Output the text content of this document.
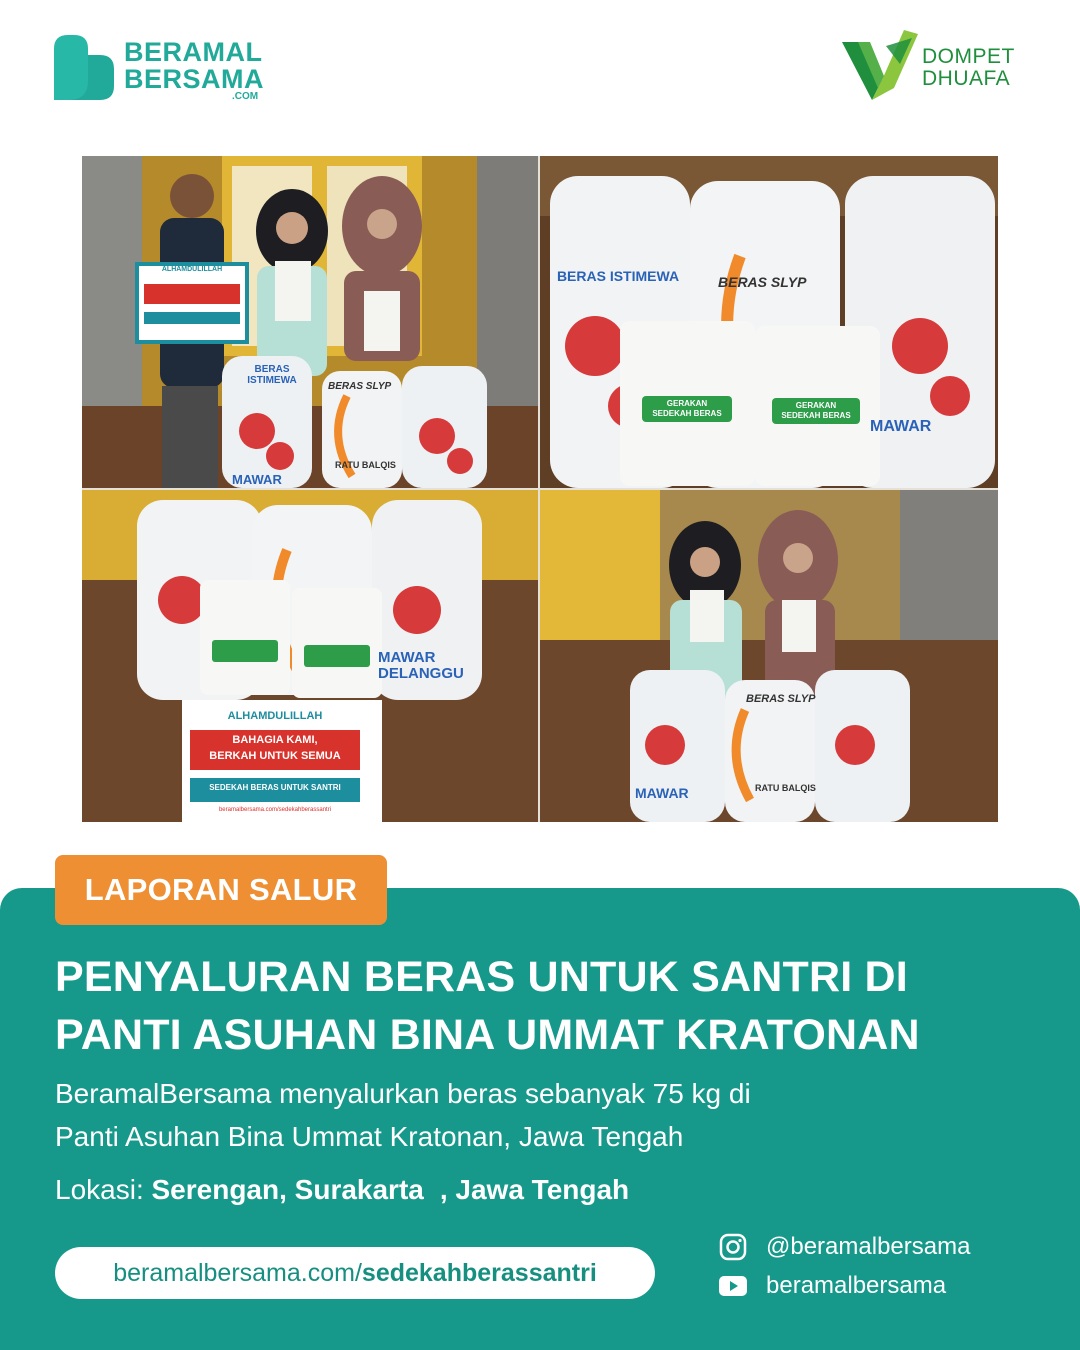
BERAMAL
BERSAMA
.COM
DOMPET
DHUAFA
ALHAMDULILLAH
BERAS ISTIMEWA
BERAS SLYP
RATU BALQIS
MAWAR
BERAS ISTIMEWA	BERAS SLYP
GERAKAN
SEDEKAH BERAS
GERAKAN
SEDEKAH BERAS
MAWAR
ALHAMDULILLAH
BAHAGIA KAMI,
BERKAH UNTUK SEMUA
SEDEKAH BERAS UNTUK SANTRI
beramalbersama.com/sedekahberassantri
MAWAR
DELANGGU
BERAS SLYP
RATU BALQIS
MAWAR
LAPORAN SALUR
PENYALURAN BERAS UNTUK SANTRI DI
PANTI ASUHAN BINA UMMAT KRATONAN
BeramalBersama menyalurkan beras sebanyak 75 kg di
Panti Asuhan Bina Ummat Kratonan, Jawa Tengah
Lokasi: Serengan, Surakarta , Jawa Tengah
beramalbersama.com/sedekahberassantri
@beramalbersama
beramalbersama
